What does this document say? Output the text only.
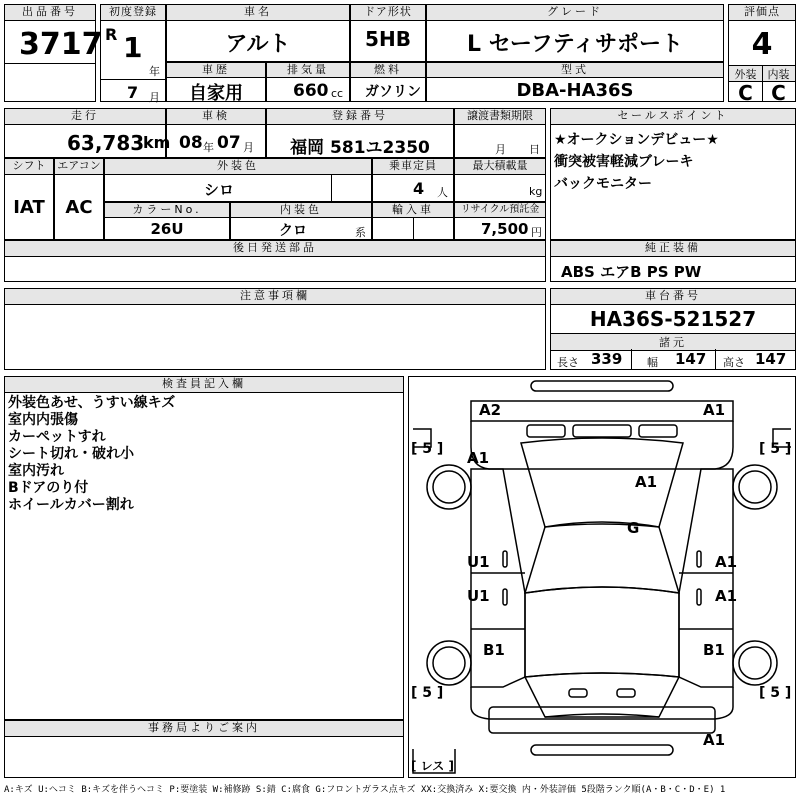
出品番号
3717
初度登録
R 1
年
7 月
車名
アルト
ドア形状
5HB
グレード
L セーフティサポート
評価点
4
外装	内装
C C
車歴
自家用
排気量
660 cc
燃料
ガソリン
型式
DBA-HA36S
走行
63,783
km
車検
08 年 07 月
登録番号
福岡 581ユ2350
譲渡書類期限
月 日
セールスポイント
★オークションデビュー★
衝突被害軽減ブレーキ
バックモニター
シフト
IAT
エアコン
AC
外装色
シロ
乗車定員
4 人
最大積載量
kg
カラーNo.
26U
内装色
クロ	系
輸入車	リサイクル預託金
7,500 円
後日発送部品	純正装備
ABS エアB PS PW
注意事項欄	車台番号
HA36S-521527
諸元
長さ 339 幅 147 高さ 147
検査員記入欄
外装色あせ、うすい線キズ
室内内張傷
カーペットすれ
シート切れ・破れ小
室内汚れ
Bドアのり付
ホイールカバー割れ
事務局よりご案内
A2	A1
A1
A1
G
U1	A1
U1	A1
B1	B1
A1
[ 5 ]	[ 5 ]
[ 5 ]	[ 5 ]
[ レス ]
A:キズ U:ヘコミ B:キズを伴うヘコミ P:要塗装 W:補修跡 S:錆 C:腐食 G:フロントガラス点キズ XX:交換済み X:要交換 内・外装評価 5段階ランク順(A・B・C・D・E) 1
